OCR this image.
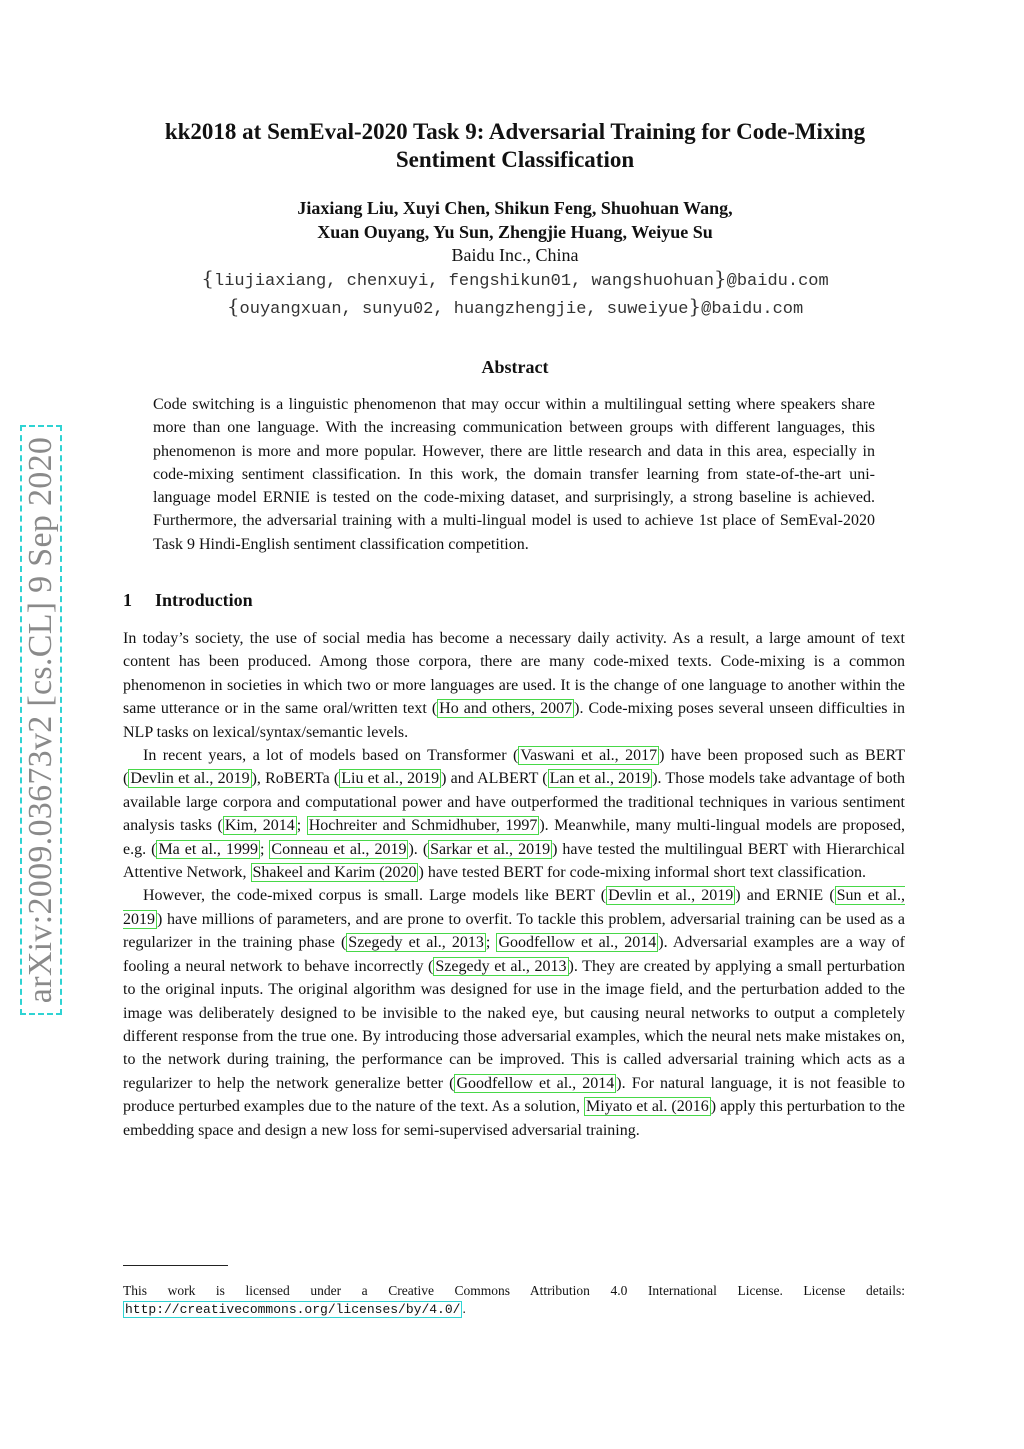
arXiv:2009.03673v2 [cs.CL] 9 Sep 2020
kk2018 at SemEval-2020 Task 9: Adversarial Training for Code-Mixing
Sentiment Classification
Jiaxiang Liu, Xuyi Chen, Shikun Feng, Shuohuan Wang,
Xuan Ouyang, Yu Sun, Zhengjie Huang, Weiyue Su
Baidu Inc., China
{liujiaxiang, chenxuyi, fengshikun01, wangshuohuan}@baidu.com
{ouyangxuan, sunyu02, huangzhengjie, suweiyue}@baidu.com
Abstract
Code switching is a linguistic phenomenon that may occur within a multilingual setting where speakers share more than one language. With the increasing communication between groups with different languages, this phenomenon is more and more popular. However, there are little research and data in this area, especially in code-mixing sentiment classification. In this work, the domain transfer learning from state-of-the-art uni-language model ERNIE is tested on the code-mixing dataset, and surprisingly, a strong baseline is achieved. Furthermore, the adversarial training with a multi-lingual model is used to achieve 1st place of SemEval-2020 Task 9 Hindi-English sentiment classification competition.
1 Introduction

In today’s society, the use of social media has become a necessary daily activity. As a result, a large amount of text content has been produced. Among those corpora, there are many code-mixed texts. Code-mixing is a common phenomenon in societies in which two or more languages are used. It is the change of one language to another within the same utterance or in the same oral/written text ( Ho and others, 2007 ). Code-mixing poses several unseen difficulties in NLP tasks on lexical/syntax/semantic levels.

In recent years, a lot of models based on Transformer ( Vaswani et al., 2017 ) have been proposed such as BERT ( Devlin et al., 2019 ), RoBERTa ( Liu et al., 2019 ) and ALBERT ( Lan et al., 2019 ). Those models take advantage of both available large corpora and computational power and have outperformed the traditional techniques in various sentiment analysis tasks ( Kim, 2014 ; Hochreiter and Schmidhuber, 1997 ). Meanwhile, many multi-lingual models are proposed, e.g. ( Ma et al., 1999 ; Conneau et al., 2019 ). ( Sarkar et al., 2019 ) have tested the multilingual BERT with Hierarchical Attentive Network, Shakeel and Karim (2020 ) have tested BERT for code-mixing informal short text classification.

However, the code-mixed corpus is small. Large models like BERT ( Devlin et al., 2019 ) and ERNIE ( Sun et al., 2019 ) have millions of parameters, and are prone to overfit. To tackle this problem, adversarial training can be used as a regularizer in the training phase ( Szegedy et al., 2013 ; Goodfellow et al., 2014 ). Adversarial examples are a way of fooling a neural network to behave incorrectly ( Szegedy et al., 2013 ). They are created by applying a small perturbation to the original inputs. The original algorithm was designed for use in the image field, and the perturbation added to the image was deliberately designed to be invisible to the naked eye, but causing neural networks to output a completely different response from the true one. By introducing those adversarial examples, which the neural nets make mistakes on, to the network during training, the performance can be improved. This is called adversarial training which acts as a regularizer to help the network generalize better ( Goodfellow et al., 2014 ). For natural language, it is not feasible to produce perturbed examples due to the nature of the text. As a solution, Miyato et al. (2016 ) apply this perturbation to the embedding space and design a new loss for semi-supervised adversarial training.

This work is licensed under a Creative Commons Attribution 4.0 International License. License details: http://creativecommons.org/licenses/by/4.0/ .
